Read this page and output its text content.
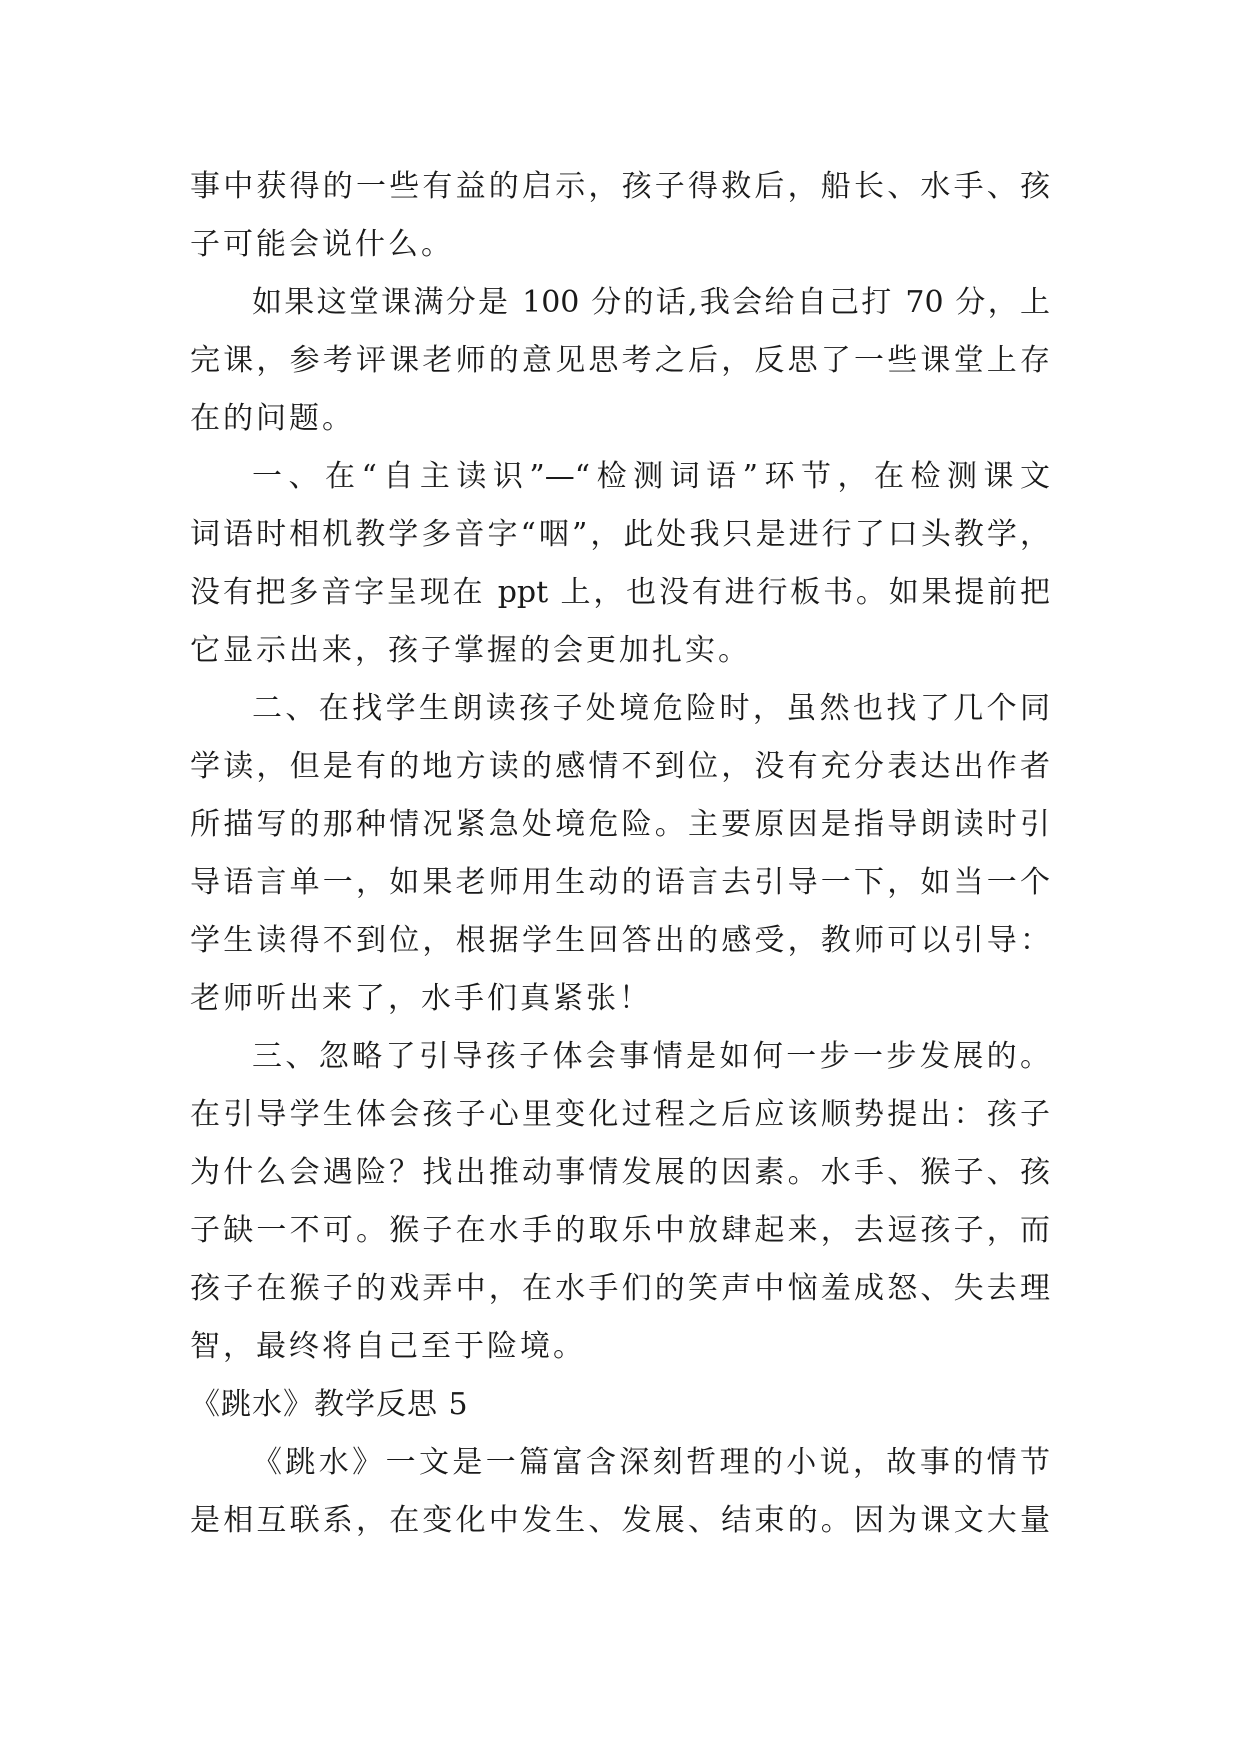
事中获得的一些有益的启示，孩子得救后，船长、水手、孩
子可能会说什么。
如果这堂课满分是 100 分的话,我会给自己打 70 分，上
完课，参考评课老师的意见思考之后，反思了一些课堂上存
在的问题。
一、在“自主读识”—“检测词语”环节，在检测课文
词语时相机教学多音字“咽”，此处我只是进行了口头教学，
没有把多音字呈现在 ppt 上，也没有进行板书。如果提前把
它显示出来，孩子掌握的会更加扎实。
二、在找学生朗读孩子处境危险时，虽然也找了几个同
学读，但是有的地方读的感情不到位，没有充分表达出作者
所描写的那种情况紧急处境危险。主要原因是指导朗读时引
导语言单一，如果老师用生动的语言去引导一下，如当一个
学生读得不到位，根据学生回答出的感受，教师可以引导：
老师听出来了，水手们真紧张！
三、忽略了引导孩子体会事情是如何一步一步发展的。
在引导学生体会孩子心里变化过程之后应该顺势提出：孩子
为什么会遇险？找出推动事情发展的因素。水手、猴子、孩
子缺一不可。猴子在水手的取乐中放肆起来，去逗孩子，而
孩子在猴子的戏弄中，在水手们的笑声中恼羞成怒、失去理
智，最终将自己至于险境。
《跳水》教学反思 5
《跳水》一文是一篇富含深刻哲理的小说，故事的情节
是相互联系，在变化中发生、发展、结束的。因为课文大量
